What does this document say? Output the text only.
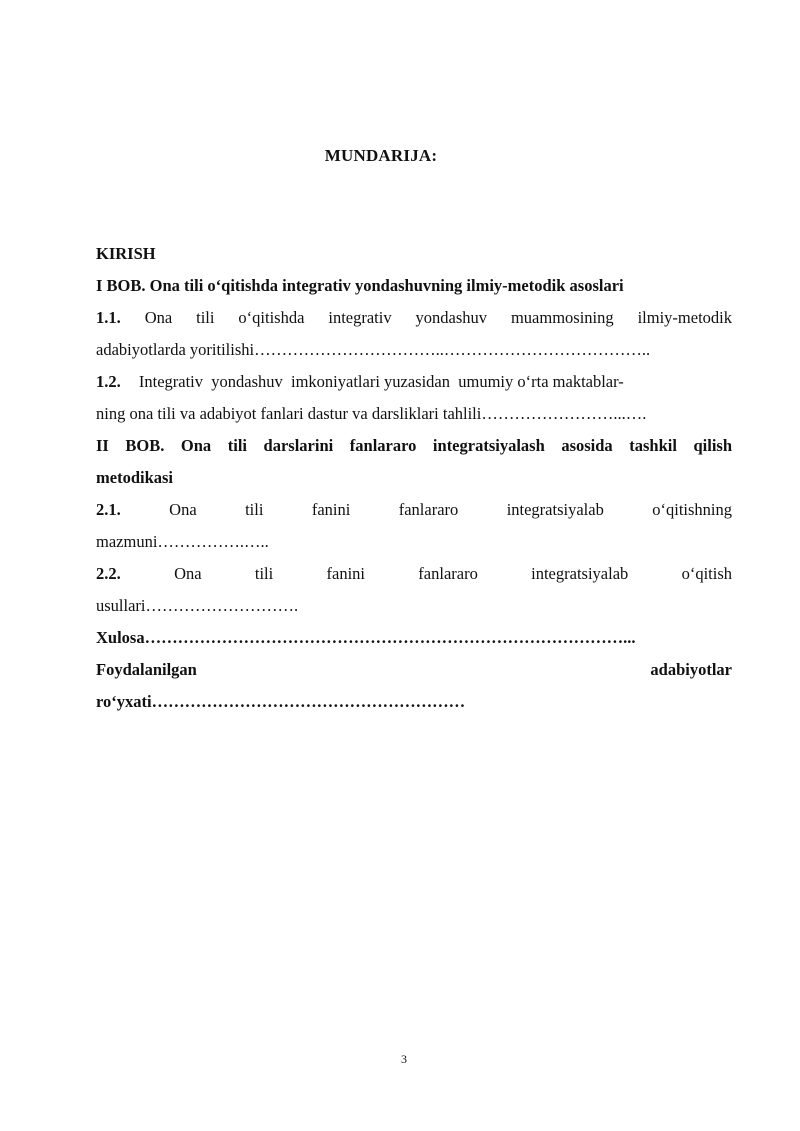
MUNDARIJA:
KIRISH
I BOB. Ona tili o‘qitishda integrativ yondashuvning ilmiy-metodik asoslari
1.1. Ona tili o‘qitishda integrativ yondashuv muammosining ilmiy-metodik
adabiyotlarda yoritilishi……………………………..………………………………..
1.2. Integrativ  yondashuv  imkoniyatlari yuzasidan  umumiy o‘rta maktablar-
ning ona tili va adabiyot fanlari dastur va darsliklari tahlili……………………...….
II BOB. Ona tili darslarini fanlararo integratsiyalash asosida tashkil qilish
metodikasi
2.1.	Ona tili fanini fanlararo integratsiyalab o‘qitishning
mazmuni…………….…..
2.2.	Ona tili fanini fanlararo integratsiyalab o‘qitish
usullari……………………….
Xulosa……………………………………………………………………………...
Foydalanilgan adabiyotlar
ro‘yxati…………………………………………………
3
